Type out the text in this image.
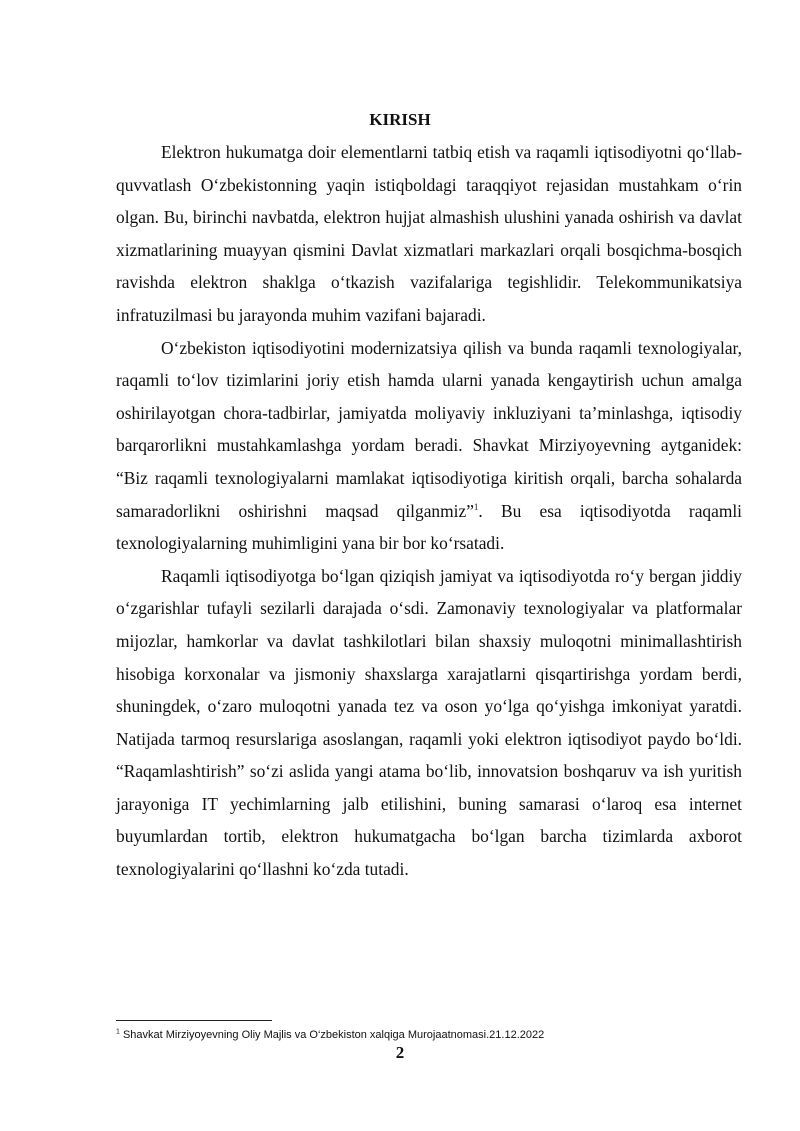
KIRISH

Elektron hukumatga doir elementlarni tatbiq etish va raqamli iqtisodiyotni qo‘llab-quvvatlash O‘zbekistonning yaqin istiqboldagi taraqqiyot rejasidan mustahkam o‘rin olgan. Bu, birinchi navbatda, elektron hujjat almashish ulushini yanada oshirish va davlat xizmatlarining muayyan qismini Davlat xizmatlari markazlari orqali bosqichma-bosqich ravishda elektron shaklga o‘tkazish vazifalariga tegishlidir. Telekommunikatsiya infratuzilmasi bu jarayonda muhim vazifani bajaradi.

O‘zbekiston iqtisodiyotini modernizatsiya qilish va bunda raqamli texnologiyalar, raqamli to‘lov tizimlarini joriy etish hamda ularni yanada kengaytirish uchun amalga oshirilayotgan chora-tadbirlar, jamiyatda moliyaviy inkluziyani ta’minlashga, iqtisodiy barqarorlikni mustahkamlashga yordam beradi. Shavkat Mirziyoyevning aytganidek: “Biz raqamli texnologiyalarni mamlakat iqtisodiyotiga kiritish orqali, barcha sohalarda samaradorlikni oshirishni maqsad qilganmiz”$^1$. Bu esa iqtisodiyotda raqamli texnologiyalarning muhimligini yana bir bor ko‘rsatadi.

Raqamli iqtisodiyotga bo‘lgan qiziqish jamiyat va iqtisodiyotda ro‘y bergan jiddiy o‘zgarishlar tufayli sezilarli darajada o‘sdi. Zamonaviy texnologiyalar va platformalar mijozlar, hamkorlar va davlat tashkilotlari bilan shaxsiy muloqotni minimallashtirish hisobiga korxonalar va jismoniy shaxslarga xarajatlarni qisqartirishga yordam berdi, shuningdek, o‘zaro muloqotni yanada tez va oson yo‘lga qo‘yishga imkoniyat yaratdi. Natijada tarmoq resurslariga asoslangan, raqamli yoki elektron iqtisodiyot paydo bo‘ldi. “Raqamlashtirish” so‘zi aslida yangi atama bo‘lib, innovatsion boshqaruv va ish yuritish jarayoniga IT yechimlarning jalb etilishini, buning samarasi o‘laroq esa internet buyumlardan tortib, elektron hukumatgacha bo‘lgan barcha tizimlarda axborot texnologiyalarini qo‘llashni ko‘zda tutadi.

$^1$ Shavkat Mirziyoyevning Oliy Majlis va O‘zbekiston xalqiga Murojaatnomasi.21.12.2022

2
